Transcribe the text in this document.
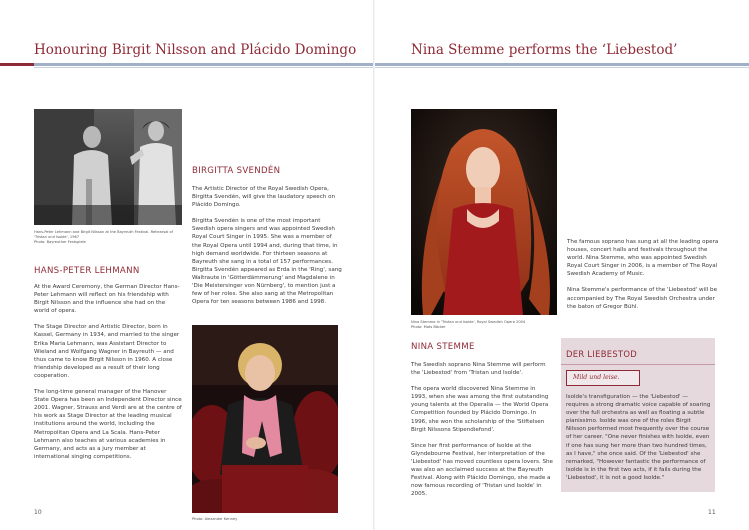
Honouring Birgit Nilsson and Plácido Domingo
Hans-Peter Lehmann and Birgit Nilsson at the Bayreuth Festival. Rehearsal of 'Tristan und Isolde', 1967
Photo: Bayreuther Festspiele
HANS-PETER LEHMANN

At the Award Ceremony, the German Director Hans-Peter Lehmann will reflect on his friendship with Birgit Nilsson and the influence she had on the world of opera.

The Stage Director and Artistic Director, born in Kassel, Germany in 1934, and married to the singer Erika Maria Lehmann, was Assistant Director to Wieland and Wolfgang Wagner in Bayreuth — and thus came to know Birgit Nilsson in 1960. A close friendship developed as a result of their long cooperation.

The long-time general manager of the Hanover State Opera has been an Independent Director since 2001. Wagner, Strauss and Verdi are at the centre of his work as Stage Director at the leading musical institutions around the world, including the Metropolitan Opera and La Scala. Hans-Peter Lehmann also teaches at various academies in Germany, and acts as a jury member at international singing competitions.

BIRGITTA SVENDÉN

The Artistic Director of the Royal Swedish Opera, Birgitta Svendén, will give the laudatory speech on Plácido Domingo.

Birgitta Svendén is one of the most important Swedish opera singers and was appointed Swedish Royal Court Singer in 1995. She was a member of the Royal Opera until 1994 and, during that time, in high demand worldwide. For thirteen seasons at Bayreuth she sang in a total of 157 performances. Birgitta Svendén appeared as Erda in the 'Ring', sang Waltraute in 'Götterdämmerung' and Magdalene in 'Die Meistersinger von Nürnberg', to mention just a few of her roles. She also sang at the Metropolitan Opera for ten seasons between 1986 and 1998.

Photo: Alexander Kenney
10
Nina Stemme performs the ‘Liebestod’
Nina Stemme in 'Tristan und Isolde', Royal Swedish Opera 2004
Photo: Mats Bäcker

The famous soprano has sung at all the leading opera houses, concert halls and festivals throughout the world. Nina Stemme, who was appointed Swedish Royal Court Singer in 2006, is a member of The Royal Swedish Academy of Music.

Nina Stemme's performance of the 'Liebestod' will be accompanied by The Royal Swedish Orchestra under the baton of Gregor Bühl.

NINA STEMME

The Swedish soprano Nina Stemme will perform the 'Liebestod' from 'Tristan und Isolde'.

The opera world discovered Nina Stemme in 1993, when she was among the first outstanding young talents at the Operalia — the World Opera Competition founded by Plácido Domingo. In 1996, she won the scholarship of the 'Stiftelsen Birgit Nilssons Stipendiefond'.

Since her first performance of Isolde at the Glyndebourne Festival, her interpretation of the 'Liebestod' has moved countless opera lovers. She was also an acclaimed success at the Bayreuth Festival. Along with Plácido Domingo, she made a now famous recording of 'Tristan und Isolde' in 2005.

DER LIEBESTOD
Mild und leise.
Isolde's transfiguration — the 'Liebestod' — requires a strong dramatic voice capable of soaring over the full orchestra as well as floating a subtle pianissimo. Isolde was one of the roles Birgit Nilsson performed most frequently over the course of her career. "One never finishes with Isolde, even if one has sung her more than two hundred times, as I have," she once said. Of the 'Liebestod' she remarked, "However fantastic the performance of Isolde is in the first two acts, if it fails during the 'Liebestod', it is not a good Isolde."
11
